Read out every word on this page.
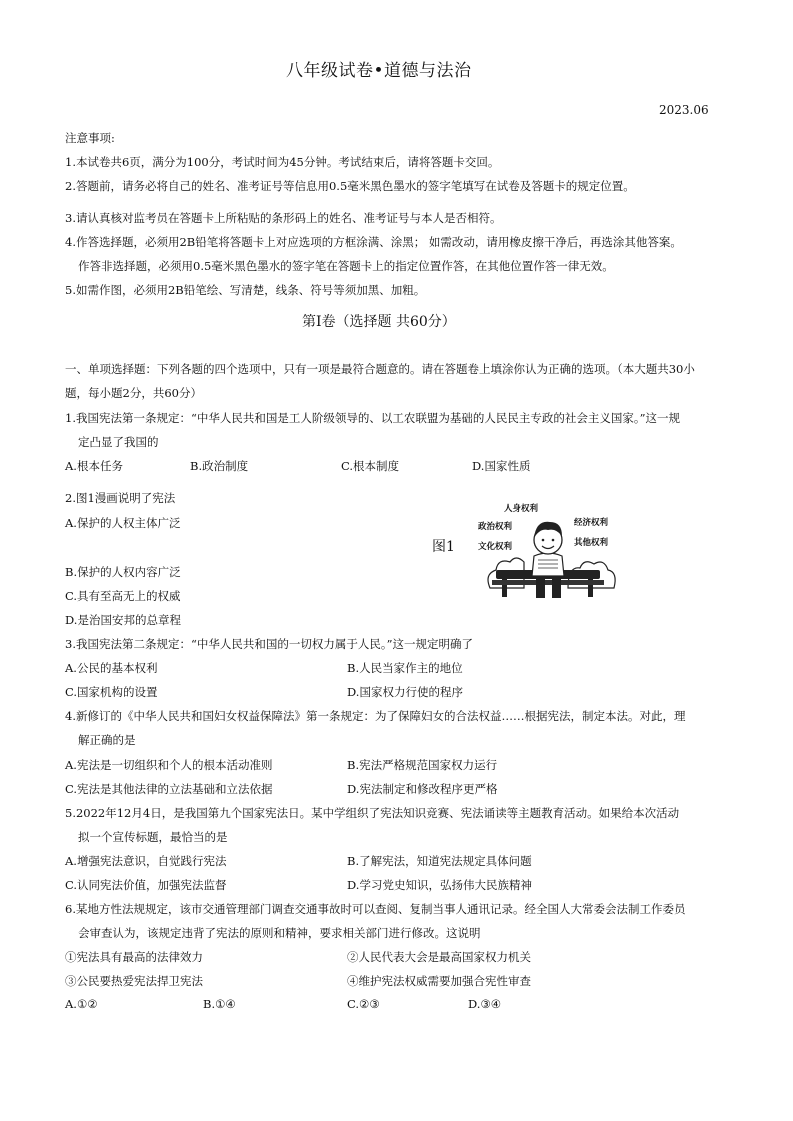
八年级试卷•道德与法治
2023.06
注意事项:
1.本试卷共6页，满分为100分，考试时间为45分钟。考试结束后，请将答题卡交回。
2.答题前，请务必将自己的姓名、准考证号等信息用0.5毫米黑色墨水的签字笔填写在试卷及答题卡的规定位置。
3.请认真核对监考员在答题卡上所粘贴的条形码上的姓名、准考证号与本人是否相符。
4.作答选择题，必须用2B铅笔将答题卡上对应选项的方框涂满、涂黑； 如需改动，请用橡皮擦干净后，再选涂其他答案。
作答非选择题，必须用0.5毫米黑色墨水的签字笔在答题卡上的指定位置作答，在其他位置作答一律无效。
5.如需作图，必须用2B铅笔绘、写清楚，线条、符号等须加黑、加粗。
第Ⅰ卷（选择题 共60分）
一、单项选择题：下列各题的四个选项中，只有一项是最符合题意的。请在答题卷上填涂你认为正确的选项。（本大题共30小
题，每小题2分，共60分）
1.我国宪法第一条规定：“中华人民共和国是工人阶级领导的、以工农联盟为基础的人民民主专政的社会主义国家。”这一规
定凸显了我国的
A.根本任务	B.政治制度	C.根本制度	D.国家性质
2.图1漫画说明了宪法
A.保护的人权主体广泛
图1
人身权利
政治权利	经济权利
文化权利	其他权利
B.保护的人权内容广泛
C.具有至高无上的权威
D.是治国安邦的总章程
3.我国宪法第二条规定：“中华人民共和国的一切权力属于人民。”这一规定明确了
A.公民的基本权利	B.人民当家作主的地位
C.国家机构的设置	D.国家权力行使的程序
4.新修订的《中华人民共和国妇女权益保障法》第一条规定：为了保障妇女的合法权益……根据宪法，制定本法。对此，理
解正确的是
A.宪法是一切组织和个人的根本活动准则	B.宪法严格规范国家权力运行
C.宪法是其他法律的立法基础和立法依据	D.宪法制定和修改程序更严格
5.2022年12月4日，是我国第九个国家宪法日。某中学组织了宪法知识竞赛、宪法诵读等主题教育活动。如果给本次活动
拟一个宣传标题，最恰当的是
A.增强宪法意识，自觉践行宪法	B.了解宪法，知道宪法规定具体问题
C.认同宪法价值，加强宪法监督	D.学习党史知识，弘扬伟大民族精神
6.某地方性法规规定，该市交通管理部门调查交通事故时可以查阅、复制当事人通讯记录。经全国人大常委会法制工作委员
会审查认为，该规定违背了宪法的原则和精神，要求相关部门进行修改。这说明
①宪法具有最高的法律效力	②人民代表大会是最高国家权力机关
③公民要热爱宪法捍卫宪法	④维护宪法权威需要加强合宪性审查
A.①②	B.①④	C.②③	D.③④
